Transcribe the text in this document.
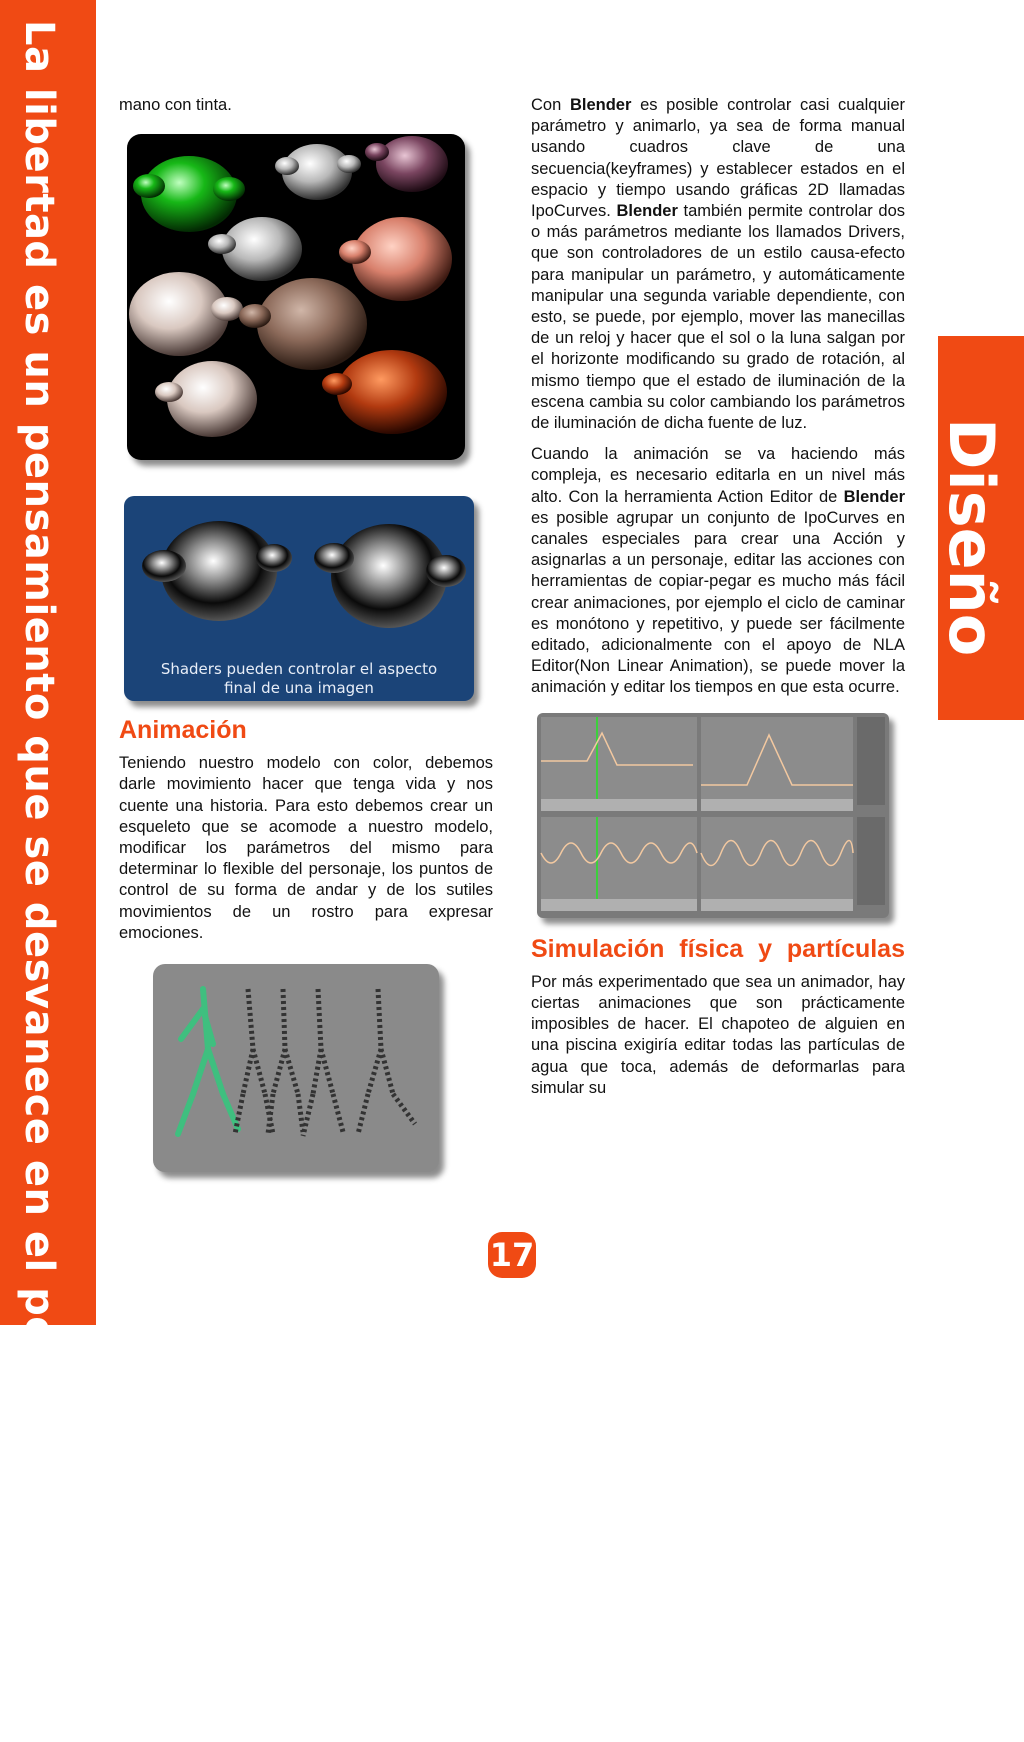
La libertad es un pensamiento que se desvanece en el pozo de la sociedad	Diseño
mano con tinta.
Shaders pueden controlar el aspecto
final de una imagen
Animación

Teniendo nuestro modelo con color, debemos darle movimiento hacer que tenga vida y nos cuente una historia. Para esto debemos crear un esqueleto que se acomode a nuestro modelo, modificar los parámetros del mismo para determinar lo flexible del personaje, los puntos de control de su forma de andar y de los sutiles movimientos de un rostro para expresar emociones.

Con Blender es posible controlar casi cualquier parámetro y animarlo, ya sea de forma manual usando cuadros clave de una secuencia(keyframes) y establecer estados en el espacio y tiempo usando gráficas 2D llamadas IpoCurves. Blender también permite controlar dos o más parámetros mediante los llamados Drivers, que son controladores de un estilo causa-efecto para manipular un parámetro, y automáticamente manipular una segunda variable dependiente, con esto, se puede, por ejemplo, mover las manecillas de un reloj y hacer que el sol o la luna salgan por el horizonte modificando su grado de rotación, al mismo tiempo que el estado de iluminación de la escena cambia su color cambiando los parámetros de iluminación de dicha fuente de luz.

Cuando la animación se va haciendo más compleja, es necesario editarla en un nivel más alto. Con la herramienta Action Editor de Blender es posible agrupar un conjunto de IpoCurves en canales especiales para crear una Acción y asignarlas a un personaje, editar las acciones con herramientas de copiar-pegar es mucho más fácil crear animaciones, por ejemplo el ciclo de caminar es monótono y repetitivo, y puede ser fácilmente editado, adicionalmente con el apoyo de NLA Editor(Non Linear Animation), se puede mover la animación y editar los tiempos en que esta ocurre.

Simulación física y partículas

Por más experimentado que sea un animador, hay ciertas animaciones que son prácticamente imposibles de hacer. El chapoteo de alguien en una piscina exigiría editar todas las partículas de agua que toca, además de deformarlas para simular su

17
